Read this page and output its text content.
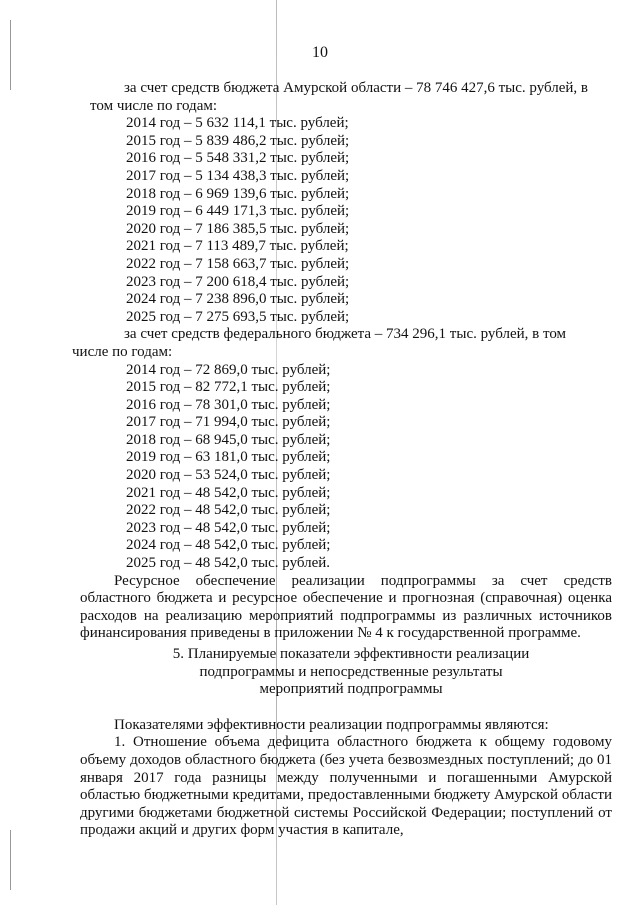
10

за счет средств бюджета Амурской области – 78 746 427,6 тыс. рублей, в

том числе по годам:

2014 год – 5 632 114,1 тыс. рублей;

2015 год – 5 839 486,2 тыс. рублей;

2016 год – 5 548 331,2 тыс. рублей;

2017 год – 5 134 438,3 тыс. рублей;

2018 год – 6 969 139,6 тыс. рублей;

2019 год – 6 449 171,3 тыс. рублей;

2020 год – 7 186 385,5 тыс. рублей;

2021 год – 7 113 489,7 тыс. рублей;

2022 год – 7 158 663,7 тыс. рублей;

2023 год – 7 200 618,4 тыс. рублей;

2024 год – 7 238 896,0 тыс. рублей;

2025 год – 7 275 693,5 тыс. рублей;

за счет средств федерального бюджета – 734 296,1 тыс. рублей, в том

числе по годам:

2014 год – 72 869,0 тыс. рублей;

2015 год – 82 772,1 тыс. рублей;

2016 год – 78 301,0 тыс. рублей;

2017 год – 71 994,0 тыс. рублей;

2018 год – 68 945,0 тыс. рублей;

2019 год – 63 181,0 тыс. рублей;

2020 год – 53 524,0 тыс. рублей;

2021 год – 48 542,0 тыс. рублей;

2022 год – 48 542,0 тыс. рублей;

2023 год – 48 542,0 тыс. рублей;

2024 год – 48 542,0 тыс. рублей;

2025 год – 48 542,0 тыс. рублей.

Ресурсное обеспечение реализации подпрограммы за счет средств областного бюджета и ресурсное обеспечение и прогнозная (справочная) оценка расходов на реализацию мероприятий подпрограммы из различных источников финансирования приведены в приложении № 4 к государственной программе.

5. Планируемые показатели эффективности реализации

подпрограммы и непосредственные результаты

мероприятий подпрограммы

Показателями эффективности реализации подпрограммы являются:

1. Отношение объема дефицита областного бюджета к общему годовому объему доходов областного бюджета (без учета безвозмездных поступлений; до 01 января 2017 года разницы между полученными и погашенными Амурской областью бюджетными кредитами, предоставленными бюджету Амурской области другими бюджетами бюджетной системы Российской Федерации; поступлений от продажи акций и других форм участия в капитале,
